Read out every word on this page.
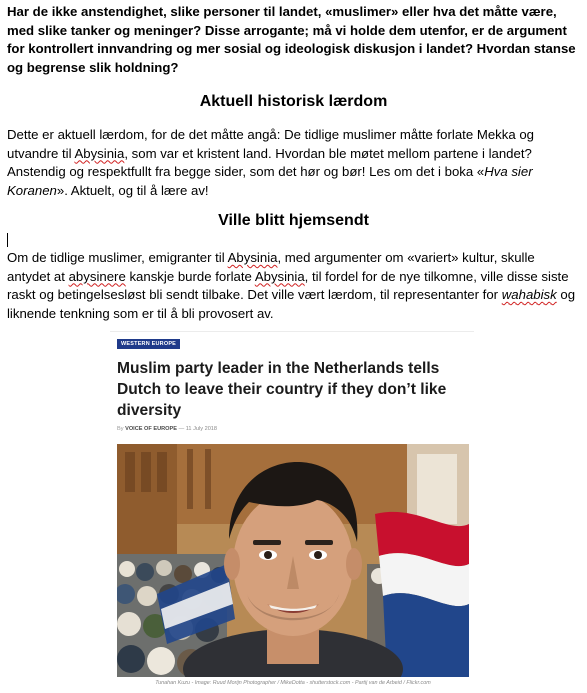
Har de ikke anstendighet, slike personer til landet, «muslimer» eller hva det måtte være, med slike tanker og meninger? Disse arrogante; må vi holde dem utenfor, er de argument for kontrollert innvandring og mer sosial og ideologisk diskusjon i landet? Hvordan stanse og begrense slik holdning?

Aktuell historisk lærdom

Dette er aktuell lærdom, for de det måtte angå: De tidlige muslimer måtte forlate Mekka og utvandre til Abysinia, som var et kristent land. Hvordan ble møtet mellom partene i landet? Anstendig og respektfullt fra begge sider, som det hør og bør! Les om det i boka «Hva sier Koranen». Aktuelt, og til å lære av!

Ville blitt hjemsendt

Om de tidlige muslimer, emigranter til Abysinia, med argumenter om «variert» kultur, skulle antydet at abysinere kanskje burde forlate Abysinia, til fordel for de nye tilkomne, ville disse siste raskt og betingelsesløst bli sendt tilbake. Det ville vært lærdom, til representanter for wahabisk og liknende tenkning som er til å bli provosert av.

WESTERN EUROPE
Muslim party leader in the Netherlands tells Dutch to leave their country if they don’t like diversity
By VOICE OF EUROPE — 11 July 2018
Tunahan Kuzu - Image: Ruud Morijn Photographer / MikeDotta - shutterstock.com - Partij van de Arbeid / Flickr.com
